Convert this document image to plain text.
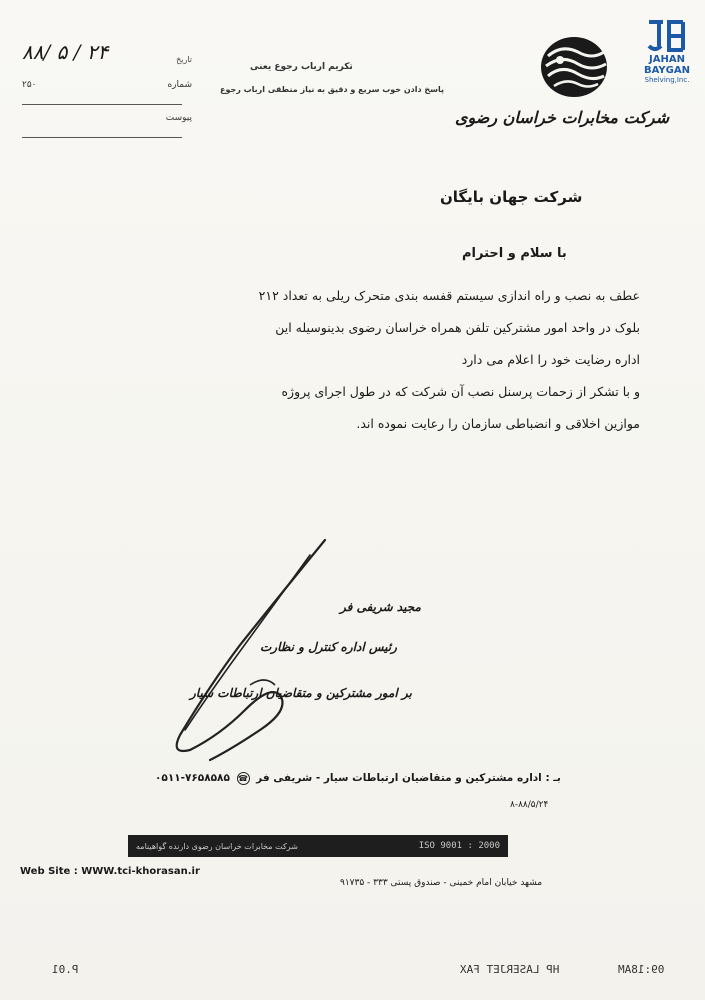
۸۸/ ۵ / ۲۴	تاریخ
۲۵۰	شماره
پیوست
تکریم ارباب رجوع یعنی
پاسخ دادن خوب سریع و دقیق به نیاز منطقی ارباب رجوع
JAHAN
BAYGAN
Shelving,Inc.
شرکت مخابرات خراسان رضوی
شرکت جهان بایگان
با سلام و احترام

عطف به نصب و راه اندازی سیستم قفسه بندی متحرک ریلی به تعداد ۲۱۲

بلوک در واحد امور مشترکین تلفن همراه خراسان رضوی بدینوسیله این

اداره رضایت خود را اعلام می دارد

و با تشکر از زحمات پرسنل نصب آن شرکت که در طول اجرای پروژه

موازین اخلاقی و انضباطی سازمان را رعایت نموده اند.

مجید شریفی فر
رئیس اداره کنترل و نظارت
بر امور مشترکین و متقاضیان ارتباطات سیار
۰۵۱۱-۷۶۵۸۵۸۵ ☎ : اداره مشترکین و متقاضیان ارتباطات سیار - شریفی فر بـ
۸-۸۸/۵/۲۴
شرکت مخابرات خراسان رضوی دارنده گواهینامه	ISO 9001 : 2000
Web Site : WWW.tci-khorasan.ir
مشهد خیابان امام خمینی - صندوق پستی ۳۳۳ - ۹۱۷۳۵
P.01	HP LASERJET FAX	09:18AM
